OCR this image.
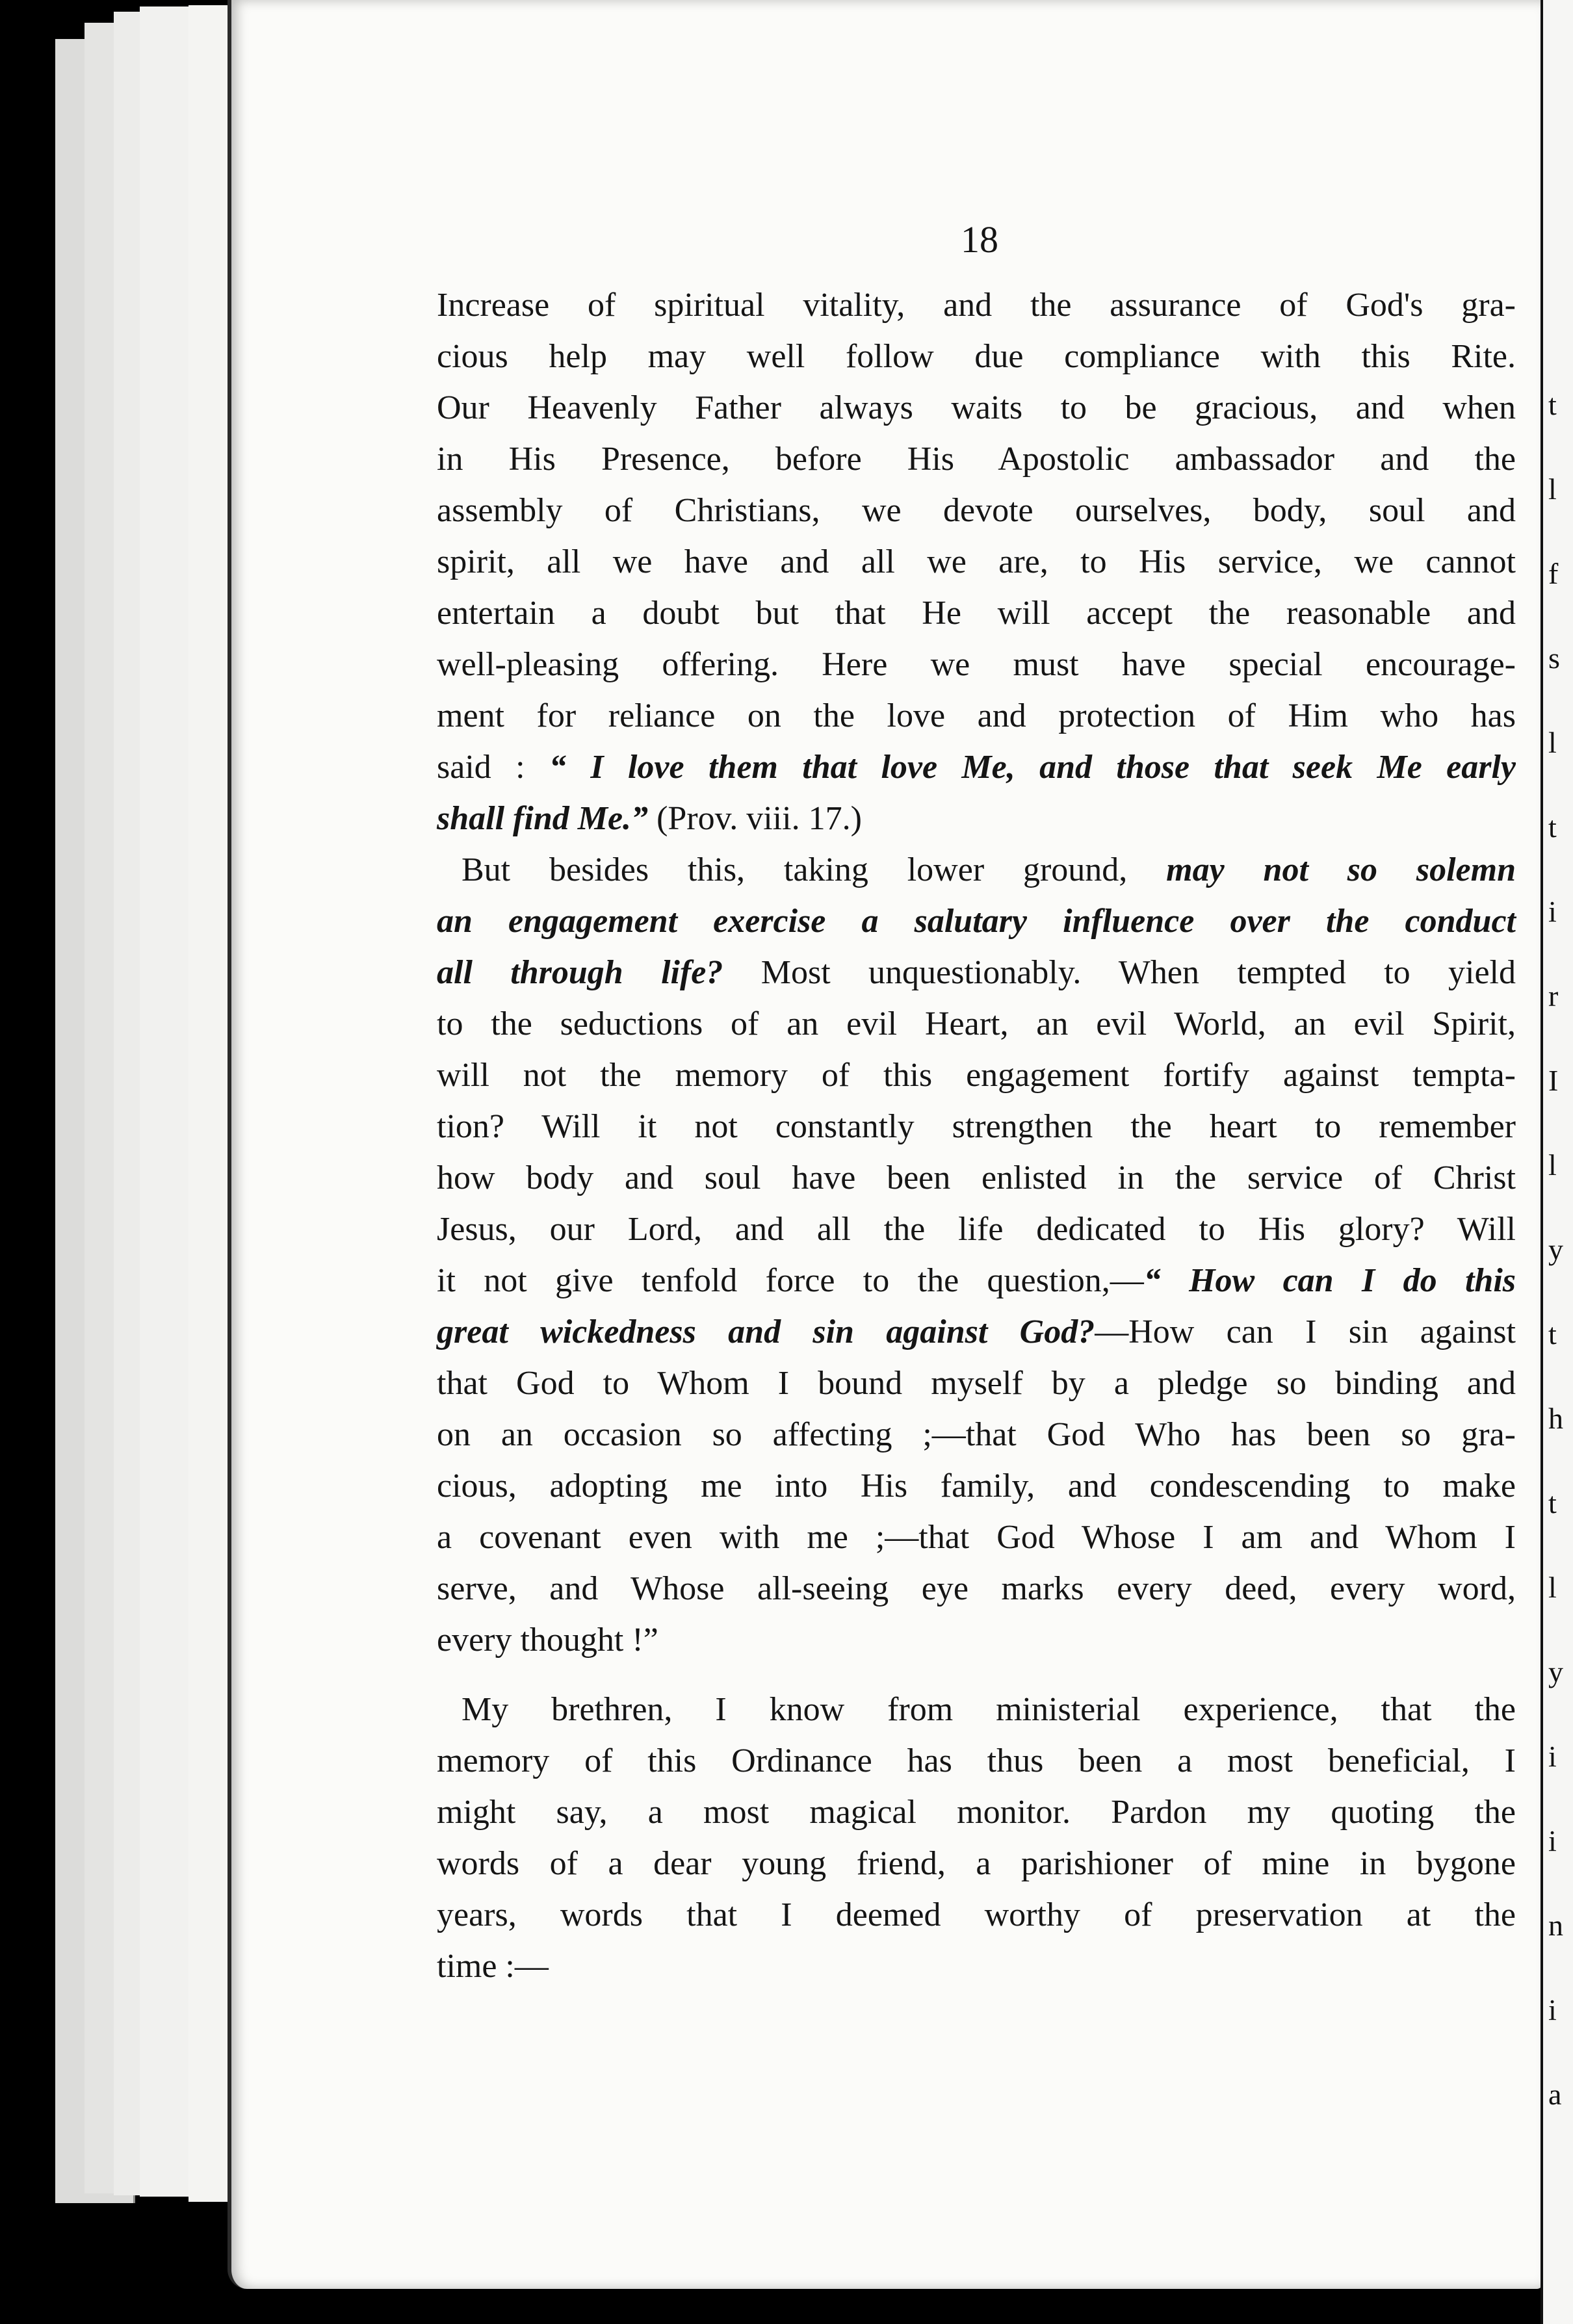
t
l
f
s
l
t
i
r
I
l
y
t
h
t
l
y
i
i
n
i
a
18
Increase of spiritual vitality, and the assurance of God's gra-
cious help may well follow due compliance with this Rite.
Our Heavenly Father always waits to be gracious, and when
in His Presence, before His Apostolic ambassador and the
assembly of Christians, we devote ourselves, body, soul and
spirit, all we have and all we are, to His service, we cannot
entertain a doubt but that He will accept the reasonable and
well-pleasing offering. Here we must have special encourage-
ment for reliance on the love and protection of Him who has
said : “ I love them that love Me, and those that seek Me early
shall find Me.” (Prov. viii. 17.)
But besides this, taking lower ground, may not so solemn
an engagement exercise a salutary influence over the conduct
all through life? Most unquestionably. When tempted to yield
to the seductions of an evil Heart, an evil World, an evil Spirit,
will not the memory of this engagement fortify against tempta-
tion? Will it not constantly strengthen the heart to remember
how body and soul have been enlisted in the service of Christ
Jesus, our Lord, and all the life dedicated to His glory? Will
it not give tenfold force to the question,—“ How can I do this
great wickedness and sin against God?—How can I sin against
that God to Whom I bound myself by a pledge so binding and
on an occasion so affecting ;—that God Who has been so gra-
cious, adopting me into His family, and condescending to make
a covenant even with me ;—that God Whose I am and Whom I
serve, and Whose all-seeing eye marks every deed, every word,
every thought !”
My brethren, I know from ministerial experience, that the
memory of this Ordinance has thus been a most beneficial, I
might say, a most magical monitor. Pardon my quoting the
words of a dear young friend, a parishioner of mine in bygone
years, words that I deemed worthy of preservation at the
time :—
